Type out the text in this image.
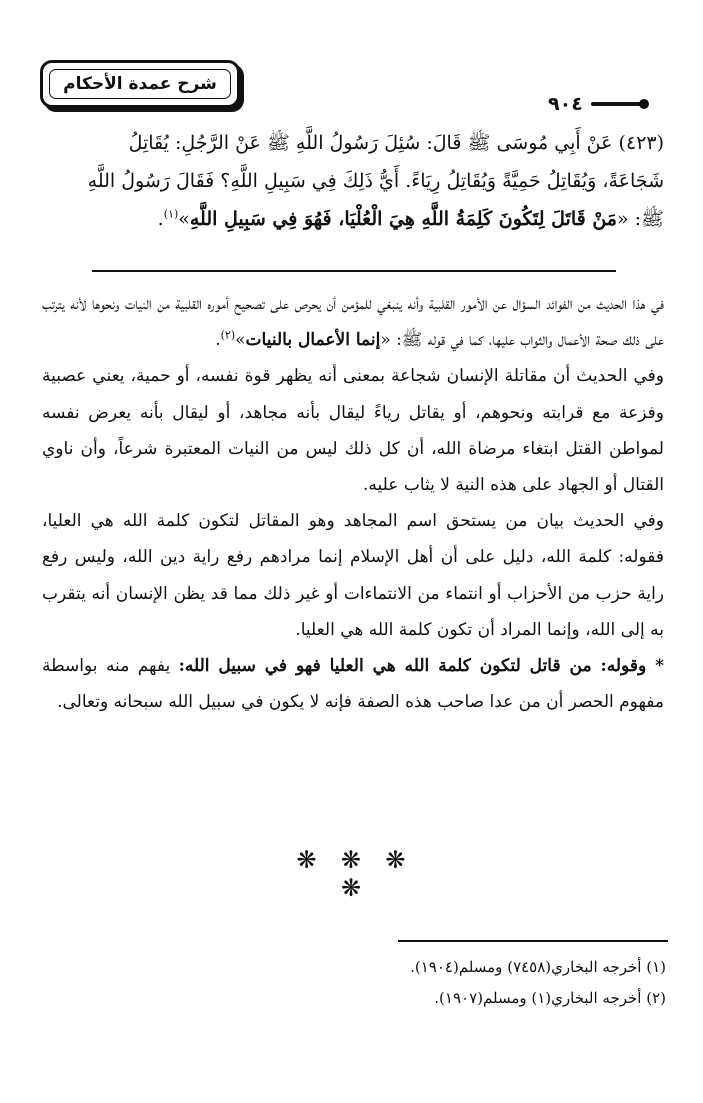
شرح عمدة الأحكام
٩٠٤

(٤٢٣) عَنْ أَبِي مُوسَى ﷺ قَالَ: سُئِلَ رَسُولُ اللَّهِ ﷺ عَنْ الرَّجُلِ: يُقَاتِلُ

شَجَاعَةً، وَيُقَاتِلُ حَمِيَّةً وَيُقَاتِلُ رِيَاءً. أَيُّ ذَلِكَ فِي سَبِيلِ اللَّهِ؟ فَقَالَ رَسُولُ اللَّهِ

ﷺ: «مَنْ قَاتَلَ لِتَكُونَ كَلِمَةُ اللَّهِ هِيَ الْعُلْيَا، فَهُوَ فِي سَبِيلِ اللَّهِ»$^{(١)}$.

في هذا الحديث من الفوائد السؤال عن الأمور القلبية وأنه ينبغي للمؤمن أن يحرص على تصحيح أموره القلبية من النيات ونحوها لأنه يترتب على ذلك صحة الأعمال والثواب عليها، كما في قوله ﷺ: «إنما الأعمال بالنيات»$^{(٢)}$.

وفي الحديث أن مقاتلة الإنسان شجاعة بمعنى أنه يظهر قوة نفسه، أو حمية، يعني عصبية وفزعة مع قرابته ونحوهم، أو يقاتل رياءً ليقال بأنه مجاهد، أو ليقال بأنه يعرض نفسه لمواطن القتل ابتغاء مرضاة الله، أن كل ذلك ليس من النيات المعتبرة شرعاً، وأن ناوي القتال أو الجهاد على هذه النية لا يثاب عليه.

وفي الحديث بيان من يستحق اسم المجاهد وهو المقاتل لتكون كلمة الله هي العليا، فقوله: كلمة الله، دليل على أن أهل الإسلام إنما مرادهم رفع راية دين الله، وليس رفع راية حزب من الأحزاب أو انتماء من الانتماءات أو غير ذلك مما قد يظن الإنسان أنه يتقرب به إلى الله، وإنما المراد أن تكون كلمة الله هي العليا.

* وقوله: من قاتل لتكون كلمة الله هي العليا فهو في سبيل الله: يفهم منه بواسطة مفهوم الحصر أن من عدا صاحب هذه الصفة فإنه لا يكون في سبيل الله سبحانه وتعالى.

❋ ❋ ❋ ❋

(١) أخرجه البخاري(٧٤٥٨) ومسلم(١٩٠٤).

(٢) أخرجه البخاري(١) ومسلم(١٩٠٧).
